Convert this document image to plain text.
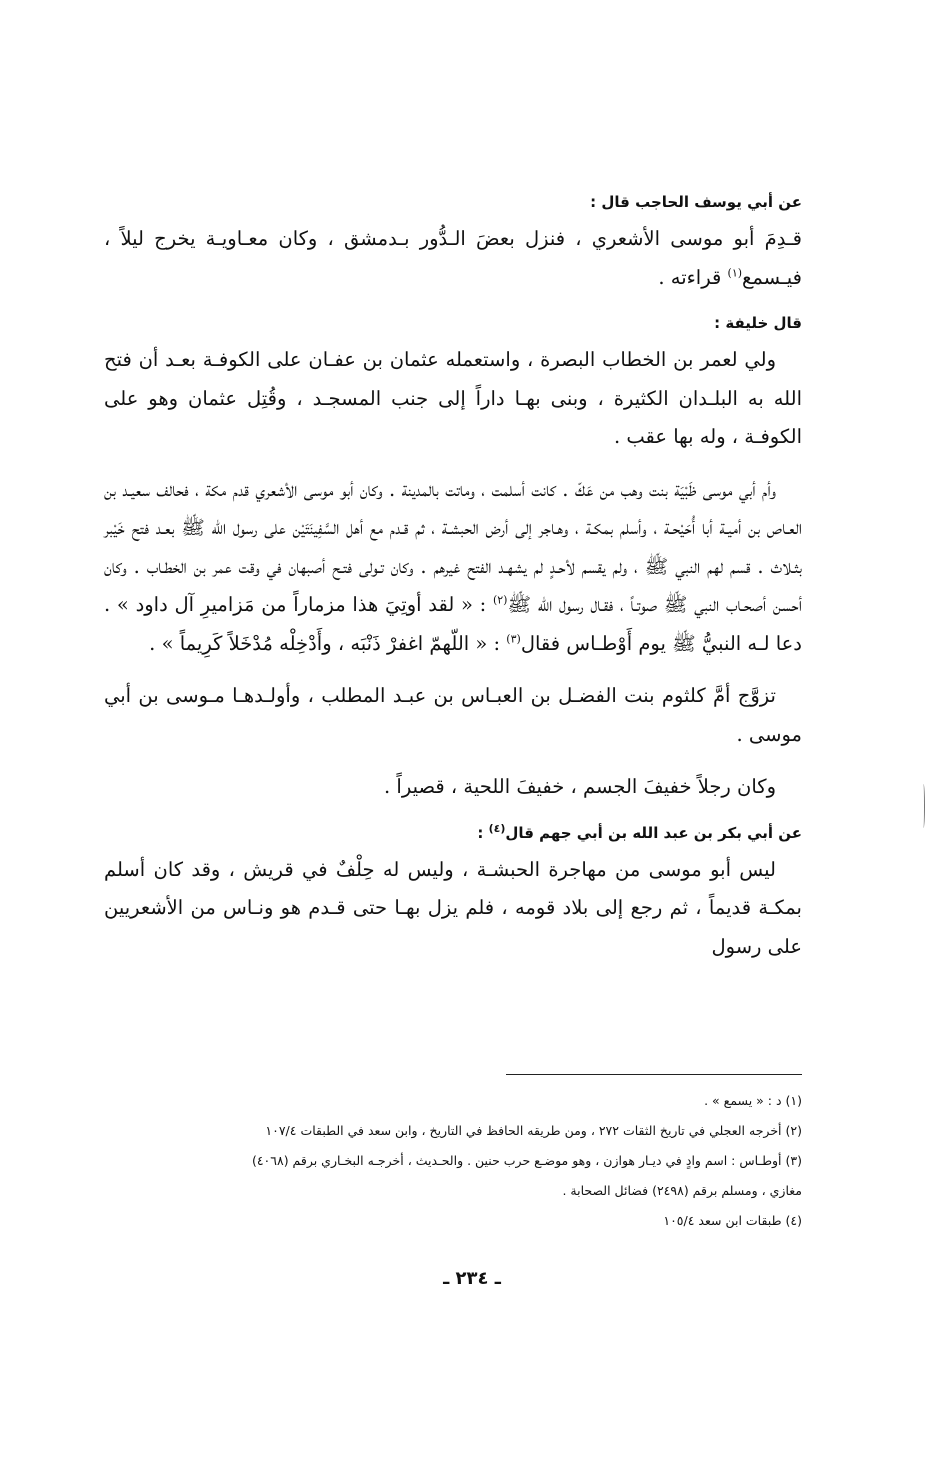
عن أبي يوسف الحاجب قال :

قـدِمَ أبو موسى الأشعري ، فنزل بعضَ الـدُّور بـدمشق ، وكان معـاويـة يخرج ليلاً ، فيـسمع$^{(١)}$ قراءته .

قال خليفة :

ولي لعمر بن الخطاب البصرة ، واستعمله عثمان بن عفـان على الكوفـة بعـد أن فتح الله به البلـدان الكثيرة ، وبنى بهـا داراً إلى جنب المسجـد ، وقُتِل عثمان وهو على الكوفـة ، وله بها عقب .

وأم أبي موسى ظَبْيَة بنت وهب من عَكّ . كانت أسلمت ، وماتت بالمدينة . وكان أبو موسى الأشعري قدم مكة ، فحالف سعيـد بن العـاص بن أميـة أبا أُحَيْحـة ، وأسلم بمكـة ، وهـاجر إلى أرض الحبشـة ، ثم قـدم مع أهل السَّفِينَتَيْن على رسول الله ﷺ بعـد فتح خَيْبر بثـلاث . قسم لهم النبي ﷺ ، ولم يقسم لأحـدٍ لم يشهـد الفتح غيرهم . وكان تـولى فتـح أصبهان في وقت عمر بن الخطـاب . وكان أحسن أصحـاب النبي ﷺ صوتـاً ، فقـال رسول الله ﷺ$^{(٢)}$ : « لقد أوتِيَ هذا مزماراً من مَزاميرِ آل داود » . دعا لـه النبيُّ ﷺ يوم أَوْطـاس فقال$^{(٣)}$ : « اللّهمّ اغفرْ ذَنْبَه ، وأَدْخِلْه مُدْخَلاً كَرِيماً » .

تزوَّج أمَّ كلثوم بنت الفضـل بن العبـاس بن عبـد المطلب ، وأولـدهـا مـوسى بن أبي موسى .

وكان رجلاً خفيفَ الجسم ، خفيفَ اللحية ، قصيراً .

عن أبي بكر بن عبد الله بن أبي جهم قال$^{(٤)}$ :

ليس أبو موسى من مهاجرة الحبشـة ، وليس له حِلْفٌ في قريش ، وقد كان أسلم بمكـة قديماً ، ثم رجع إلى بلاد قومه ، فلم يزل بهـا حتى قـدم هو ونـاس من الأشعريين على رسول

(١) د : « يسمع » .

(٢) أخرجه العجلي في تاريخ الثقات ٢٧٢ ، ومن طريقه الحافظ في التاريخ ، وابن سعد في الطبقات ١٠٧/٤

(٣) أوطـاس : اسم وادٍ في ديـار هوازن ، وهو موضـع حرب حنين . والحـديث ، أخرجـه البخـاري برقم (٤٠٦٨)

مغازي ، ومسلم برقم (٢٤٩٨) فضائل الصحابة .

(٤) طبقات ابن سعد ١٠٥/٤

ـ ٢٣٤ ـ
